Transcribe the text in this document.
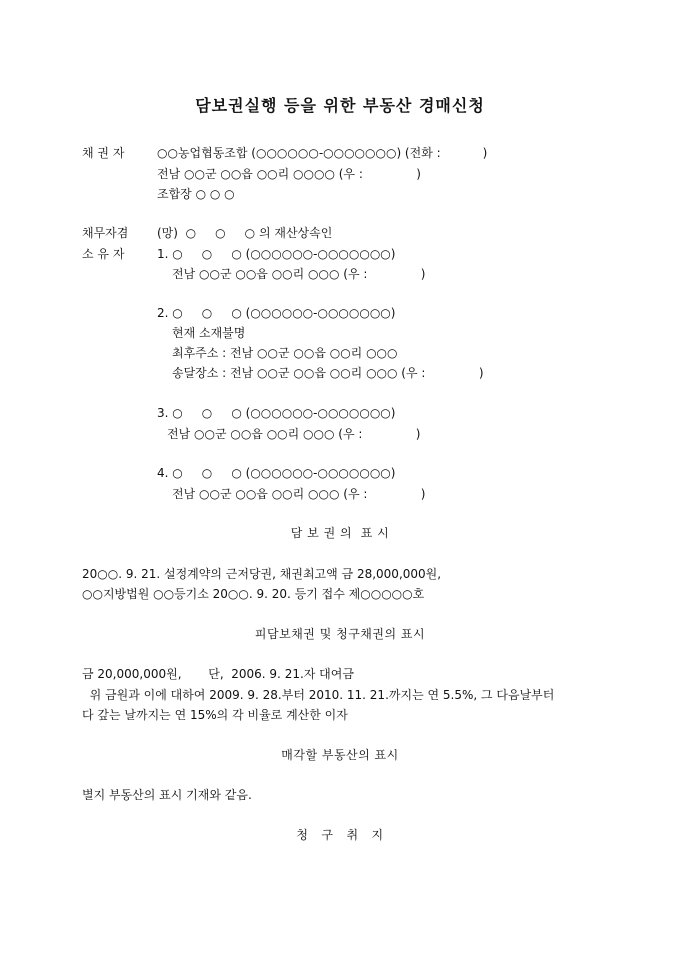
담보권실행 등을 위한 부동산 경매신청
채 권 자	○○농업협동조합 (○○○○○○-○○○○○○○) (전화 :           )
전남 ○○군 ○○읍 ○○리 ○○○○ (우 :              )
조합장 ○ ○ ○
채무자겸 (망)  ○     ○     ○ 의 재산상속인
소 유 자	1. ○     ○     ○ (○○○○○○-○○○○○○○)
전남 ○○군 ○○읍 ○○리 ○○○ (우 :              )
2. ○     ○     ○ (○○○○○○-○○○○○○○)
현재 소재불명
최후주소 : 전남 ○○군 ○○읍 ○○리 ○○○
송달장소 : 전남 ○○군 ○○읍 ○○리 ○○○ (우 :              )
3. ○     ○     ○ (○○○○○○-○○○○○○○)
전남 ○○군 ○○읍 ○○리 ○○○ (우 :              )
4. ○     ○     ○ (○○○○○○-○○○○○○○)
전남 ○○군 ○○읍 ○○리 ○○○ (우 :              )
담 보 권 의  표 시
20○○. 9. 21. 설정계약의 근저당권, 채권최고액 금 28,000,000원,
○○지방법원 ○○등기소 20○○. 9. 20. 등기 접수 제○○○○○호
피담보채권 및 청구채권의 표시
금 20,000,000원,       단,  2006. 9. 21.자 대여금
위 금원과 이에 대하여 2009. 9. 28.부터 2010. 11. 21.까지는 연 5.5%, 그 다음날부터
다 갚는 날까지는 연 15%의 각 비율로 계산한 이자
매각할 부동산의 표시
별지 부동산의 표시 기재와 같음.
청   구   취   지
